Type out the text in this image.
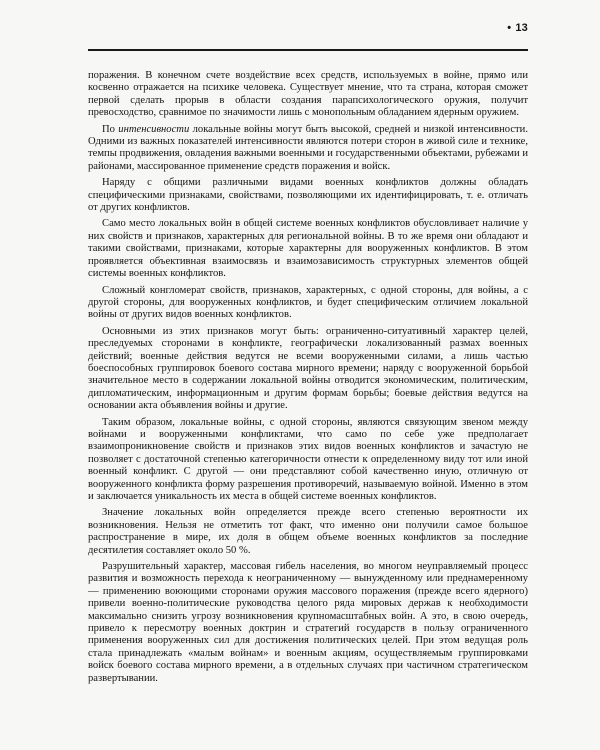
• 13

поражения. В конечном счете воздействие всех средств, используемых в войне, прямо или косвенно отражается на психике человека. Существует мнение, что та страна, которая сможет первой сделать прорыв в области создания парапсихологического оружия, получит превосходство, сравнимое по значимости лишь с монопольным обладанием ядерным оружием.

По интенсивности локальные войны могут быть высокой, средней и низкой интенсивности. Одними из важных показателей интенсивности являются потери сторон в живой силе и технике, темпы продвижения, овладения важными военными и государственными объектами, рубежами и районами, массированное применение средств поражения и войск.

Наряду с общими различными видами военных конфликтов должны обладать специфическими признаками, свойствами, позволяющими их идентифицировать, т. е. отличать от других конфликтов.

Само место локальных войн в общей системе военных конфликтов обусловливает наличие у них свойств и признаков, характерных для региональной войны. В то же время они обладают и такими свойствами, признаками, которые характерны для вооруженных конфликтов. В этом проявляется объективная взаимосвязь и взаимозависимость структурных элементов общей системы военных конфликтов.

Сложный конгломерат свойств, признаков, характерных, с одной стороны, для войны, а с другой стороны, для вооруженных конфликтов, и будет специфическим отличием локальной войны от других видов военных конфликтов.

Основными из этих признаков могут быть: ограниченно-ситуативный характер целей, преследуемых сторонами в конфликте, географически локализованный размах военных действий; военные действия ведутся не всеми вооруженными силами, а лишь частью боеспособных группировок боевого состава мирного времени; наряду с вооруженной борьбой значительное место в содержании локальной войны отводится экономическим, политическим, дипломатическим, информационным и другим формам борьбы; боевые действия ведутся на основании акта объявления войны и другие.

Таким образом, локальные войны, с одной стороны, являются связующим звеном между войнами и вооруженными конфликтами, что само по себе уже предполагает взаимопроникновение свойств и признаков этих видов военных конфликтов и зачастую не позволяет с достаточной степенью категоричности отнести к определенному виду тот или иной военный конфликт. С другой — они представляют собой качественно иную, отличную от вооруженного конфликта форму разрешения противоречий, называемую войной. Именно в этом и заключается уникальность их места в общей системе военных конфликтов.

Значение локальных войн определяется прежде всего степенью вероятности их возникновения. Нельзя не отметить тот факт, что именно они получили самое большое распространение в мире, их доля в общем объеме военных конфликтов за последние десятилетия составляет около 50 %.

Разрушительный характер, массовая гибель населения, во многом неуправляемый процесс развития и возможность перехода к неограниченному — вынужденному или преднамеренному — применению воюющими сторонами оружия массового поражения (прежде всего ядерного) привели военно-политические руководства целого ряда мировых держав к необходимости максимально снизить угрозу возникновения крупномасштабных войн. А это, в свою очередь, привело к пересмотру военных доктрин и стратегий государств в пользу ограниченного применения вооруженных сил для достижения политических целей. При этом ведущая роль стала принадлежать «малым войнам» и военным акциям, осуществляемым группировками войск боевого состава мирного времени, а в отдельных случаях при частичном стратегическом развертывании.
